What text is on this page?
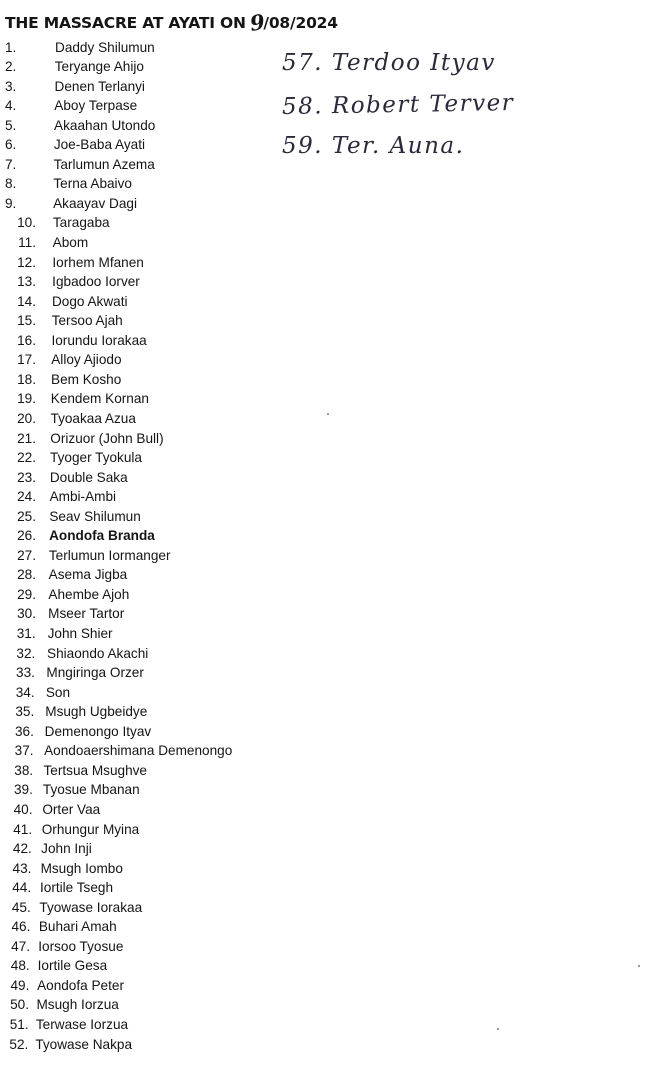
THE MASSACRE AT AYATI ON 9/08/2024
1.	Daddy Shilumun
2.	Teryange Ahijo
3.	Denen Terlanyi
4.	Aboy Terpase
5.	Akaahan Utondo
6.	Joe-Baba Ayati
7.	Tarlumun Azema
8.	Terna Abaivo
9.	Akaayav Dagi
10. Taragaba
11. Abom
12. Iorhem Mfanen
13. Igbadoo Iorver
14. Dogo Akwati
15. Tersoo Ajah
16. Iorundu Iorakaa
17. Alloy Ajiodo
18. Bem Kosho
19. Kendem Kornan
20. Tyoakaa Azua
21. Orizuor (John Bull)
22. Tyoger Tyokula
23. Double Saka
24. Ambi-Ambi
25. Seav Shilumun
26. Aondofa Branda
27. Terlumun Iormanger
28. Asema Jigba
29. Ahembe Ajoh
30. Mseer Tartor
31. John Shier
32. Shiaondo Akachi
33. Mngiringa Orzer
34. Son
35. Msugh Ugbeidye
36. Demenongo Ityav
37. Aondoaershimana Demenongo
38. Tertsua Msughve
39. Tyosue Mbanan
40. Orter Vaa
41. Orhungur Myina
42. John Inji
43. Msugh Iombo
44. Iortile Tsegh
45. Tyowase Iorakaa
46. Buhari Amah
47. Iorsoo Tyosue
48. Iortile Gesa
49. Aondofa Peter
50. Msugh Iorzua
51. Terwase Iorzua
52. Tyowase Nakpa
57. Terdoo Ityav
58. Robert Terver
59. Ter. Auna.
